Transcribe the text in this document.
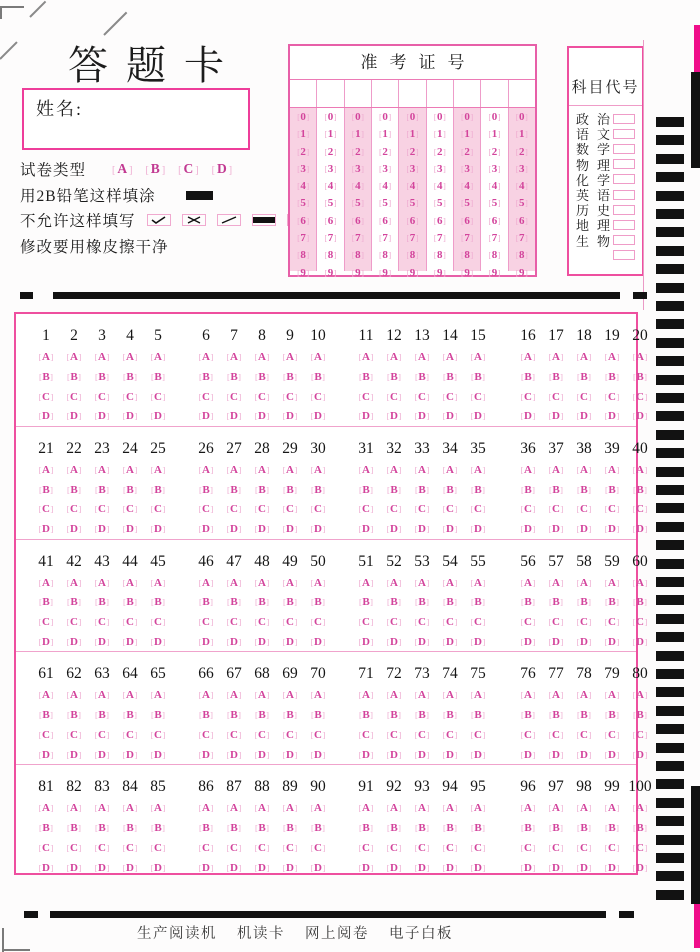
答题卡
姓名:
试卷类型	[ A ] [ B ] [ C ] [ D ]
用2B铅笔这样填涂
不允许这样填写
修改要用橡皮擦干净
准考证号
[ 0 ]
[ 1 ]
[ 2 ]
[ 3 ]
[ 4 ]
[ 5 ]
[ 6 ]
[ 7 ]
[ 8 ]
[ 9 ]
[ 0 ]
[ 1 ]
[ 2 ]
[ 3 ]
[ 4 ]
[ 5 ]
[ 6 ]
[ 7 ]
[ 8 ]
[ 9 ]
[ 0 ]
[ 1 ]
[ 2 ]
[ 3 ]
[ 4 ]
[ 5 ]
[ 6 ]
[ 7 ]
[ 8 ]
[ 9 ]
[ 0 ]
[ 1 ]
[ 2 ]
[ 3 ]
[ 4 ]
[ 5 ]
[ 6 ]
[ 7 ]
[ 8 ]
[ 9 ]
[ 0 ]
[ 1 ]
[ 2 ]
[ 3 ]
[ 4 ]
[ 5 ]
[ 6 ]
[ 7 ]
[ 8 ]
[ 9 ]
[ 0 ]
[ 1 ]
[ 2 ]
[ 3 ]
[ 4 ]
[ 5 ]
[ 6 ]
[ 7 ]
[ 8 ]
[ 9 ]
[ 0 ]
[ 1 ]
[ 2 ]
[ 3 ]
[ 4 ]
[ 5 ]
[ 6 ]
[ 7 ]
[ 8 ]
[ 9 ]
[ 0 ]
[ 1 ]
[ 2 ]
[ 3 ]
[ 4 ]
[ 5 ]
[ 6 ]
[ 7 ]
[ 8 ]
[ 9 ]
[ 0 ]
[ 1 ]
[ 2 ]
[ 3 ]
[ 4 ]
[ 5 ]
[ 6 ]
[ 7 ]
[ 8 ]
[ 9 ]
科目代号
政 治
语 文
数 学
物 理
化 学
英 语
历 史
地 理
生 物
1
[ A ]
[ B ]
[ C ]
[ D ]
2
[ A ]
[ B ]
[ C ]
[ D ]
3
[ A ]
[ B ]
[ C ]
[ D ]
4
[ A ]
[ B ]
[ C ]
[ D ]
5
[ A ]
[ B ]
[ C ]
[ D ]
6
[ A ]
[ B ]
[ C ]
[ D ]
7
[ A ]
[ B ]
[ C ]
[ D ]
8
[ A ]
[ B ]
[ C ]
[ D ]
9
[ A ]
[ B ]
[ C ]
[ D ]
10
[ A ]
[ B ]
[ C ]
[ D ]
11
[ A ]
[ B ]
[ C ]
[ D ]
12
[ A ]
[ B ]
[ C ]
[ D ]
13
[ A ]
[ B ]
[ C ]
[ D ]
14
[ A ]
[ B ]
[ C ]
[ D ]
15
[ A ]
[ B ]
[ C ]
[ D ]
16
[ A ]
[ B ]
[ C ]
[ D ]
17
[ A ]
[ B ]
[ C ]
[ D ]
18
[ A ]
[ B ]
[ C ]
[ D ]
19
[ A ]
[ B ]
[ C ]
[ D ]
20
[ A ]
[ B ]
[ C ]
[ D ]
21
[ A ]
[ B ]
[ C ]
[ D ]
22
[ A ]
[ B ]
[ C ]
[ D ]
23
[ A ]
[ B ]
[ C ]
[ D ]
24
[ A ]
[ B ]
[ C ]
[ D ]
25
[ A ]
[ B ]
[ C ]
[ D ]
26
[ A ]
[ B ]
[ C ]
[ D ]
27
[ A ]
[ B ]
[ C ]
[ D ]
28
[ A ]
[ B ]
[ C ]
[ D ]
29
[ A ]
[ B ]
[ C ]
[ D ]
30
[ A ]
[ B ]
[ C ]
[ D ]
31
[ A ]
[ B ]
[ C ]
[ D ]
32
[ A ]
[ B ]
[ C ]
[ D ]
33
[ A ]
[ B ]
[ C ]
[ D ]
34
[ A ]
[ B ]
[ C ]
[ D ]
35
[ A ]
[ B ]
[ C ]
[ D ]
36
[ A ]
[ B ]
[ C ]
[ D ]
37
[ A ]
[ B ]
[ C ]
[ D ]
38
[ A ]
[ B ]
[ C ]
[ D ]
39
[ A ]
[ B ]
[ C ]
[ D ]
40
[ A ]
[ B ]
[ C ]
[ D ]
41
[ A ]
[ B ]
[ C ]
[ D ]
42
[ A ]
[ B ]
[ C ]
[ D ]
43
[ A ]
[ B ]
[ C ]
[ D ]
44
[ A ]
[ B ]
[ C ]
[ D ]
45
[ A ]
[ B ]
[ C ]
[ D ]
46
[ A ]
[ B ]
[ C ]
[ D ]
47
[ A ]
[ B ]
[ C ]
[ D ]
48
[ A ]
[ B ]
[ C ]
[ D ]
49
[ A ]
[ B ]
[ C ]
[ D ]
50
[ A ]
[ B ]
[ C ]
[ D ]
51
[ A ]
[ B ]
[ C ]
[ D ]
52
[ A ]
[ B ]
[ C ]
[ D ]
53
[ A ]
[ B ]
[ C ]
[ D ]
54
[ A ]
[ B ]
[ C ]
[ D ]
55
[ A ]
[ B ]
[ C ]
[ D ]
56
[ A ]
[ B ]
[ C ]
[ D ]
57
[ A ]
[ B ]
[ C ]
[ D ]
58
[ A ]
[ B ]
[ C ]
[ D ]
59
[ A ]
[ B ]
[ C ]
[ D ]
60
[ A ]
[ B ]
[ C ]
[ D ]
61
[ A ]
[ B ]
[ C ]
[ D ]
62
[ A ]
[ B ]
[ C ]
[ D ]
63
[ A ]
[ B ]
[ C ]
[ D ]
64
[ A ]
[ B ]
[ C ]
[ D ]
65
[ A ]
[ B ]
[ C ]
[ D ]
66
[ A ]
[ B ]
[ C ]
[ D ]
67
[ A ]
[ B ]
[ C ]
[ D ]
68
[ A ]
[ B ]
[ C ]
[ D ]
69
[ A ]
[ B ]
[ C ]
[ D ]
70
[ A ]
[ B ]
[ C ]
[ D ]
71
[ A ]
[ B ]
[ C ]
[ D ]
72
[ A ]
[ B ]
[ C ]
[ D ]
73
[ A ]
[ B ]
[ C ]
[ D ]
74
[ A ]
[ B ]
[ C ]
[ D ]
75
[ A ]
[ B ]
[ C ]
[ D ]
76
[ A ]
[ B ]
[ C ]
[ D ]
77
[ A ]
[ B ]
[ C ]
[ D ]
78
[ A ]
[ B ]
[ C ]
[ D ]
79
[ A ]
[ B ]
[ C ]
[ D ]
80
[ A ]
[ B ]
[ C ]
[ D ]
81
[ A ]
[ B ]
[ C ]
[ D ]
82
[ A ]
[ B ]
[ C ]
[ D ]
83
[ A ]
[ B ]
[ C ]
[ D ]
84
[ A ]
[ B ]
[ C ]
[ D ]
85
[ A ]
[ B ]
[ C ]
[ D ]
86
[ A ]
[ B ]
[ C ]
[ D ]
87
[ A ]
[ B ]
[ C ]
[ D ]
88
[ A ]
[ B ]
[ C ]
[ D ]
89
[ A ]
[ B ]
[ C ]
[ D ]
90
[ A ]
[ B ]
[ C ]
[ D ]
91
[ A ]
[ B ]
[ C ]
[ D ]
92
[ A ]
[ B ]
[ C ]
[ D ]
93
[ A ]
[ B ]
[ C ]
[ D ]
94
[ A ]
[ B ]
[ C ]
[ D ]
95
[ A ]
[ B ]
[ C ]
[ D ]
96
[ A ]
[ B ]
[ C ]
[ D ]
97
[ A ]
[ B ]
[ C ]
[ D ]
98
[ A ]
[ B ]
[ C ]
[ D ]
99
[ A ]
[ B ]
[ C ]
[ D ]
100
[ A ]
[ B ]
[ C ]
[ D ]
生产阅读机 机读卡 网上阅卷 电子白板
